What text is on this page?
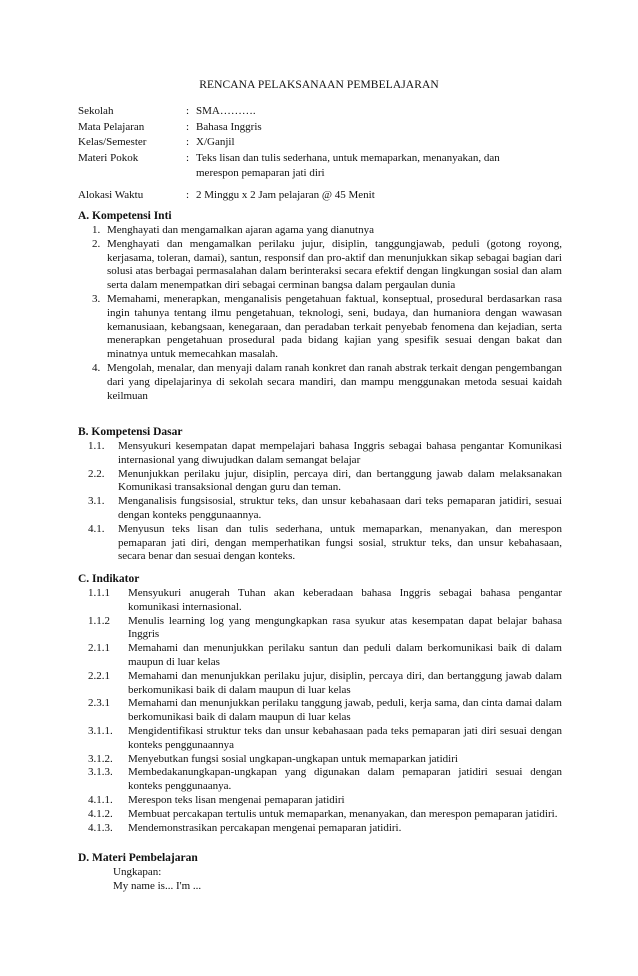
RENCANA PELAKSANAAN PEMBELAJARAN
Sekolah	: SMA……….
Mata Pelajaran	: Bahasa Inggris
Kelas/Semester	: X/Ganjil
Materi Pokok	: Teks lisan dan tulis sederhana, untuk memaparkan, menanyakan, dan merespon pemaparan jati diri
Alokasi Waktu	: 2 Minggu x 2 Jam pelajaran @ 45 Menit
A. Kompetensi Inti
1. Menghayati dan mengamalkan ajaran agama yang dianutnya
2. Menghayati dan mengamalkan perilaku jujur, disiplin, tanggungjawab, peduli (gotong royong, kerjasama, toleran, damai), santun, responsif dan pro-aktif dan menunjukkan sikap sebagai bagian dari solusi atas berbagai permasalahan dalam berinteraksi secara efektif dengan lingkungan sosial dan alam serta dalam menempatkan diri sebagai cerminan bangsa dalam pergaulan dunia
3. Memahami, menerapkan, menganalisis pengetahuan faktual, konseptual, prosedural berdasarkan rasa ingin tahunya tentang ilmu pengetahuan, teknologi, seni, budaya, dan humaniora dengan wawasan kemanusiaan, kebangsaan, kenegaraan, dan peradaban terkait penyebab fenomena dan kejadian, serta menerapkan pengetahuan prosedural pada bidang kajian yang spesifik sesuai dengan bakat dan minatnya untuk memecahkan masalah.
4. Mengolah, menalar, dan menyaji dalam ranah konkret dan ranah abstrak terkait dengan pengembangan dari yang dipelajarinya di sekolah secara mandiri, dan mampu menggunakan metoda sesuai kaidah keilmuan
B. Kompetensi Dasar
1.1. Mensyukuri kesempatan dapat mempelajari bahasa Inggris sebagai bahasa pengantar Komunikasi internasional yang diwujudkan dalam semangat belajar
2.2. Menunjukkan perilaku jujur, disiplin, percaya diri, dan bertanggung jawab dalam melaksanakan Komunikasi transaksional dengan guru dan teman.
3.1. Menganalisis fungsisosial, struktur teks, dan unsur kebahasaan dari teks pemaparan jatidiri, sesuai dengan konteks penggunaannya.
4.1. Menyusun teks lisan dan tulis sederhana, untuk memaparkan, menanyakan, dan merespon pemaparan jati diri, dengan memperhatikan fungsi sosial, struktur teks, dan unsur kebahasaan, secara benar dan sesuai dengan konteks.
C. Indikator
1.1.1 Mensyukuri anugerah Tuhan akan keberadaan bahasa Inggris sebagai bahasa pengantar komunikasi internasional.
1.1.2 Menulis learning log yang mengungkapkan rasa syukur atas kesempatan dapat belajar bahasa Inggris
2.1.1 Memahami dan menunjukkan perilaku santun dan peduli dalam berkomunikasi baik di dalam maupun di luar kelas
2.2.1 Memahami dan menunjukkan perilaku jujur, disiplin, percaya diri, dan bertanggung jawab dalam berkomunikasi baik di dalam maupun di luar kelas
2.3.1 Memahami dan menunjukkan perilaku tanggung jawab, peduli, kerja sama, dan cinta damai dalam berkomunikasi baik di dalam maupun di luar kelas
3.1.1. Mengidentifikasi struktur teks dan unsur kebahasaan pada teks pemaparan jati diri sesuai dengan konteks penggunaannya
3.1.2. Menyebutkan fungsi sosial ungkapan-ungkapan untuk memaparkan jatidiri
3.1.3. Membedakanungkapan-ungkapan yang digunakan dalam pemaparan jatidiri sesuai dengan konteks penggunaanya.
4.1.1. Merespon teks lisan mengenai pemaparan jatidiri
4.1.2. Membuat percakapan tertulis untuk memaparkan, menanyakan, dan merespon pemaparan jatidiri.
4.1.3. Mendemonstrasikan percakapan mengenai pemaparan jatidiri.
D. Materi Pembelajaran
Ungkapan:
My name is... I'm ...
